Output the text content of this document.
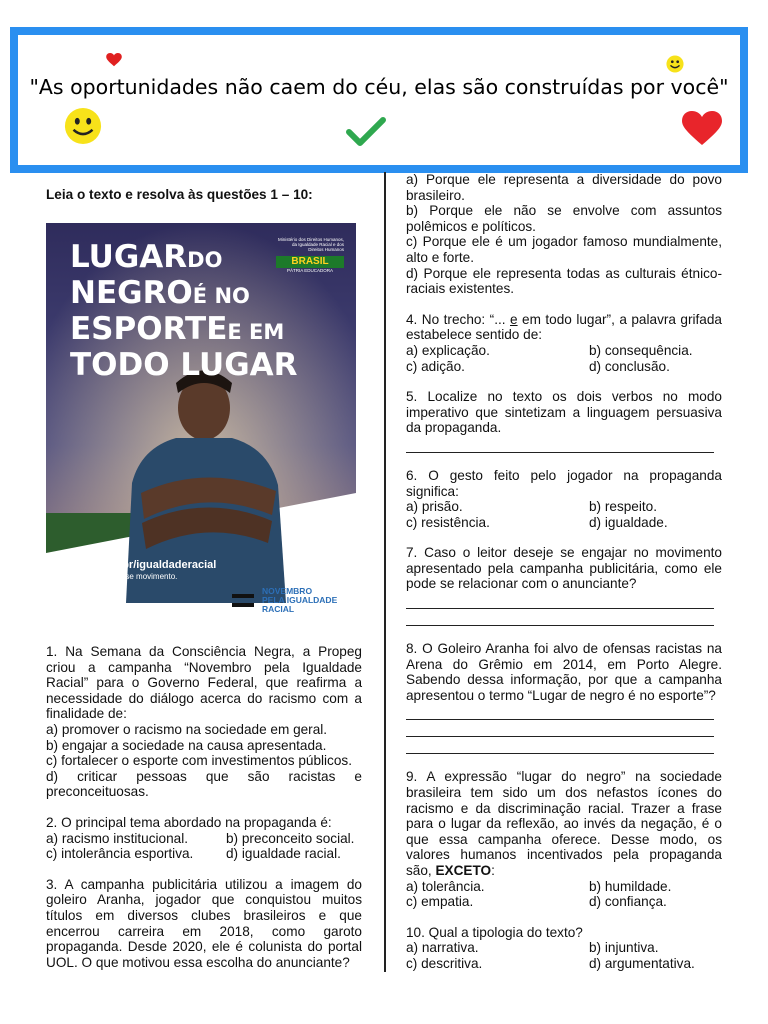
"As oportunidades não caem do céu, elas são construídas por você"
Leia o texto e resolva às questões 1 – 10:
LUGARDO
NEGROÉ NO
ESPORTEE EM
TODO LUGAR
Ministério dos Direitos Humanos, da Igualdade Racial e dos Direitos Humanos
BRASIL
PÁTRIA EDUCADORA
Acesse
brasil.gov.br/igualdaderacial
e faça parte desse movimento.
NOVEMBRO
PELA IGUALDADE
RACIAL

1. Na Semana da Consciência Negra, a Propeg criou a campanha “Novembro pela Igualdade Racial” para o Governo Federal, que reafirma a necessidade do diálogo acerca do racismo com a finalidade de:

a) promover o racismo na sociedade em geral.

b) engajar a sociedade na causa apresentada.

c) fortalecer o esporte com investimentos públicos.

d) criticar pessoas que são racistas e preconceituosas.

2. O principal tema abordado na propaganda é:

a) racismo institucional.	b) preconceito social.
c) intolerância esportiva.	d) igualdade racial.

3. A campanha publicitária utilizou a imagem do goleiro Aranha, jogador que conquistou muitos títulos em diversos clubes brasileiros e que encerrou carreira em 2018, como garoto propaganda. Desde 2020, ele é colunista do portal UOL. O que motivou essa escolha do anunciante?

a) Porque ele representa a diversidade do povo brasileiro.

b) Porque ele não se envolve com assuntos polêmicos e políticos.

c) Porque ele é um jogador famoso mundialmente, alto e forte.

d) Porque ele representa todas as culturais étnico-raciais existentes.

4. No trecho: “... e em todo lugar”, a palavra grifada estabelece sentido de:

a) explicação.	b) consequência.
c) adição.	d) conclusão.

5. Localize no texto os dois verbos no modo imperativo que sintetizam a linguagem persuasiva da propaganda.

6. O gesto feito pelo jogador na propaganda significa:

a) prisão.	b) respeito.
c) resistência.	d) igualdade.

7. Caso o leitor deseje se engajar no movimento apresentado pela campanha publicitária, como ele pode se relacionar com o anunciante?

8. O Goleiro Aranha foi alvo de ofensas racistas na Arena do Grêmio em 2014, em Porto Alegre. Sabendo dessa informação, por que a campanha apresentou o termo “Lugar de negro é no esporte”?

9. A expressão “lugar do negro” na sociedade brasileira tem sido um dos nefastos ícones do racismo e da discriminação racial. Trazer a frase para o lugar da reflexão, ao invés da negação, é o que essa campanha oferece. Desse modo, os valores humanos incentivados pela propaganda são, EXCETO:

a) tolerância.	b) humildade.
c) empatia.	d) confiança.

10. Qual a tipologia do texto?

a) narrativa.	b) injuntiva.
c) descritiva.	d) argumentativa.
